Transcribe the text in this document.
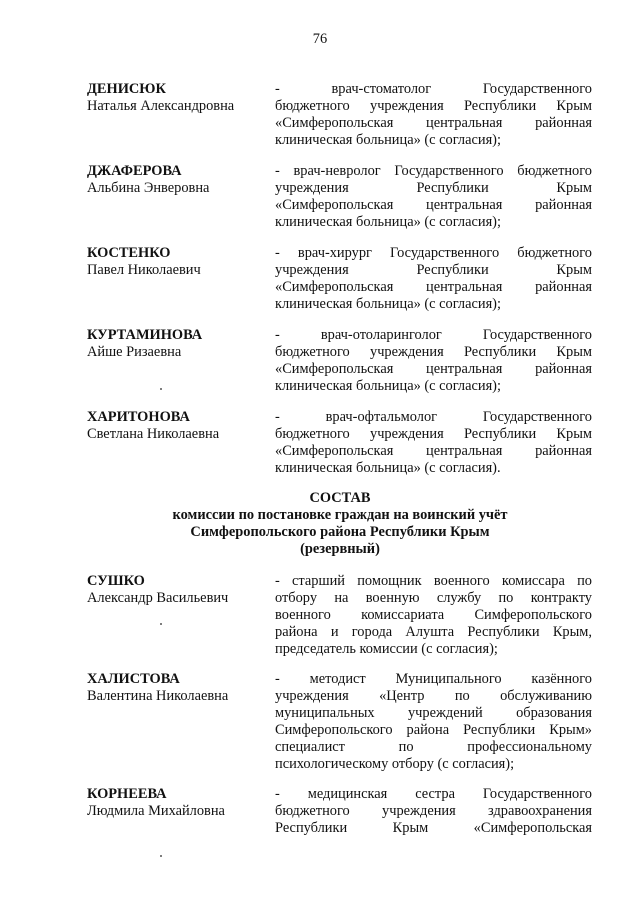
76
ДЕНИСЮК
Наталья Александровна
- врач-стоматолог Государственного
бюджетного учреждения Республики Крым
«Симферопольская центральная районная
клиническая больница» (с согласия);
ДЖАФЕРОВА
Альбина Энверовна
- врач-невролог Государственного бюджетного
учреждения Республики Крым
«Симферопольская центральная районная
клиническая больница» (с согласия);
КОСТЕНКО
Павел Николаевич
- врач-хирург Государственного бюджетного
учреждения Республики Крым
«Симферопольская центральная районная
клиническая больница» (с согласия);
КУРТАМИНОВА
Айше Ризаевна
- врач-отоларинголог Государственного
бюджетного учреждения Республики Крым
«Симферопольская центральная районная
клиническая больница» (с согласия);
ХАРИТОНОВА
Светлана Николаевна
- врач-офтальмолог Государственного
бюджетного учреждения Республики Крым
«Симферопольская центральная районная
клиническая больница» (с согласия).
СОСТАВ
комиссии по постановке граждан на воинский учёт
Симферопольского района Республики Крым
(резервный)
СУШКО
Александр Васильевич
- старший помощник военного комиссара по
отбору на военную службу по контракту
военного комиссариата Симферопольского
района и города Алушта Республики Крым,
председатель комиссии (с согласия);
ХАЛИСТОВА
Валентина Николаевна
- методист Муниципального казённого
учреждения «Центр по обслуживанию
муниципальных учреждений образования
Симферопольского района Республики Крым»
специалист по профессиональному
психологическому отбору (с согласия);
КОРНЕЕВА
Людмила Михайловна
- медицинская сестра Государственного
бюджетного учреждения здравоохранения
Республики Крым «Симферопольская
